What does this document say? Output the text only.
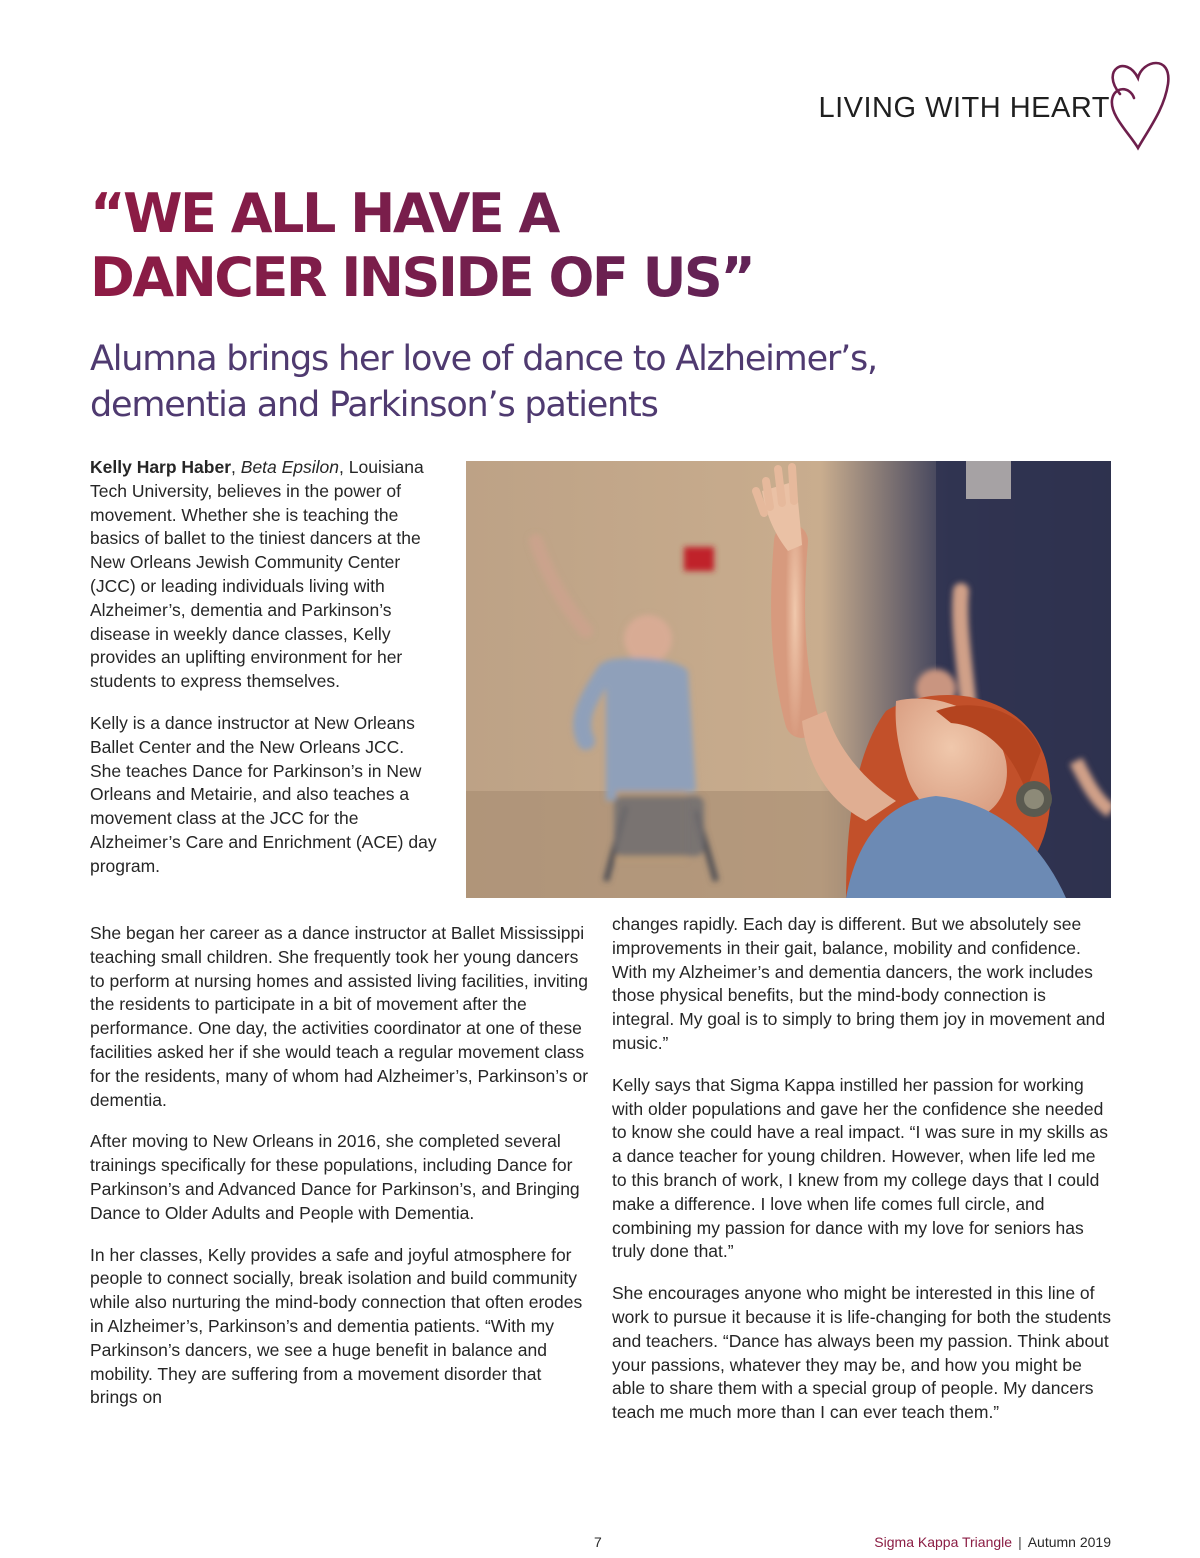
LIVING WITH HEART
“WE ALL HAVE A
DANCER INSIDE OF US”
Alumna brings her love of dance to Alzheimer’s,
dementia and Parkinson’s patients

Kelly Harp Haber, Beta Epsilon, Louisiana Tech University, believes in the power of movement. Whether she is teaching the basics of ballet to the tiniest dancers at the New Orleans Jewish Community Center (JCC) or leading individuals living with Alzheimer’s, dementia and Parkinson’s disease in weekly dance classes, Kelly provides an uplifting environment for her students to express themselves.

Kelly is a dance instructor at New Orleans Ballet Center and the New Orleans JCC. She teaches Dance for Parkinson’s in New Orleans and Metairie, and also teaches a movement class at the JCC for the Alzheimer’s Care and Enrichment (ACE) day program.

She began her career as a dance instructor at Ballet Mississippi teaching small children. She frequently took her young dancers to perform at nursing homes and assisted living facilities, inviting the residents to participate in a bit of movement after the performance. One day, the activities coordinator at one of these facilities asked her if she would teach a regular movement class for the residents, many of whom had Alzheimer’s, Parkinson’s or dementia.

After moving to New Orleans in 2016, she completed several trainings specifically for these populations, including Dance for Parkinson’s and Advanced Dance for Parkinson’s, and Bringing Dance to Older Adults and People with Dementia.

In her classes, Kelly provides a safe and joyful atmosphere for people to connect socially, break isolation and build community while also nurturing the mind-body connection that often erodes in Alzheimer’s, Parkinson’s and dementia patients. “With my Parkinson’s dancers, we see a huge benefit in balance and mobility. They are suffering from a movement disorder that brings on

changes rapidly. Each day is different. But we absolutely see improvements in their gait, balance, mobility and confidence. With my Alzheimer’s and dementia dancers, the work includes those physical benefits, but the mind-body connection is integral. My goal is to simply to bring them joy in movement and music.”

Kelly says that Sigma Kappa instilled her passion for working with older populations and gave her the confidence she needed to know she could have a real impact. “I was sure in my skills as a dance teacher for young children. However, when life led me to this branch of work, I knew from my college days that I could make a difference. I love when life comes full circle, and combining my passion for dance with my love for seniors has truly done that.”

She encourages anyone who might be interested in this line of work to pursue it because it is life-changing for both the students and teachers. “Dance has always been my passion. Think about your passions, whatever they may be, and how you might be able to share them with a special group of people. My dancers teach me much more than I can ever teach them.”

7	Sigma Kappa Triangle | Autumn 2019
